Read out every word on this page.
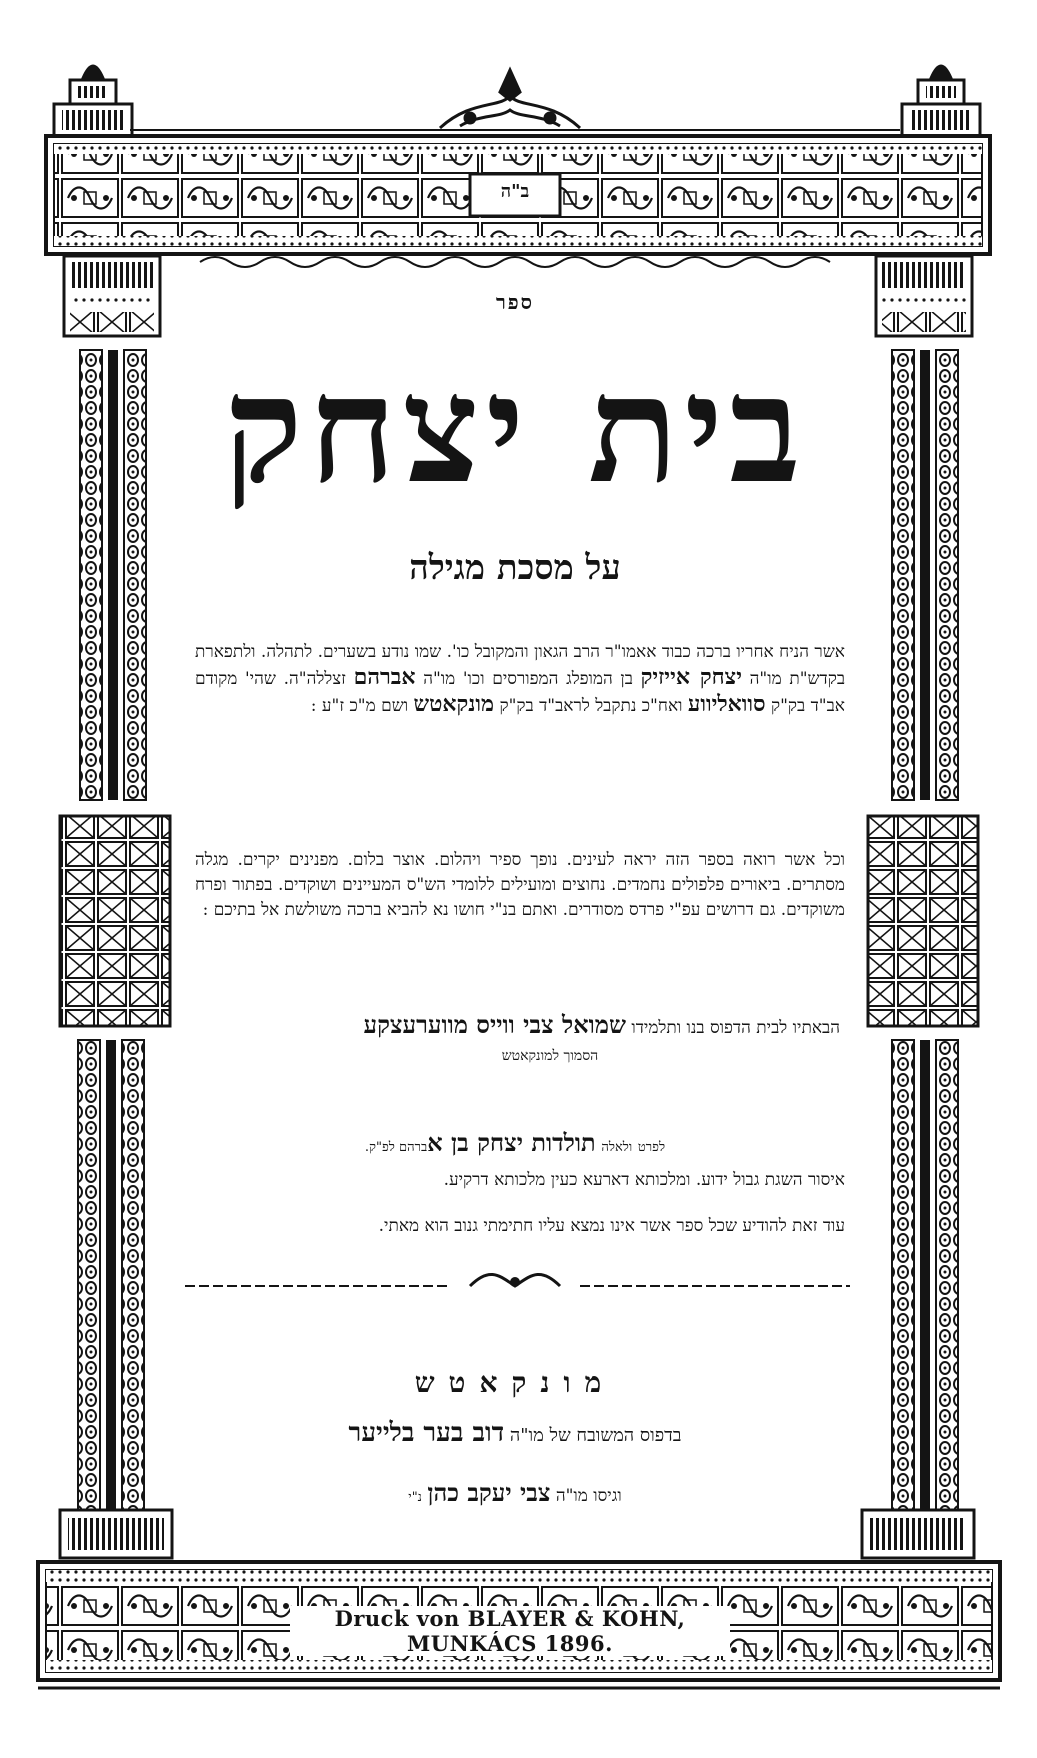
ב"ה
ספר
בית יצחק
על מסכת מגילה
אשר הניח אחריו ברכה כבוד אאמו"ר הרב הגאון והמקובל כו'. שמו נודע בשערים. לתהלה. ולתפארת בקדש"ת מו"ה יצחק אייזיק בן המופלג המפורסים וכו' מו"ה אברהם זצללה"ה. שהי' מקודם אב"ד בק"ק סוואליווע ואח"כ נתקבל לראב"ד בק"ק מונקאטש ושם מ"כ ז"ע :
וכל אשר רואה בספר הזה יראה לעינים. נופך ספיר ויהלום. אוצר בלום. מפנינים יקרים. מגלה מסתרים. ביאורים פלפולים נחמדים. נחוצים ומועילים ללומדי הש"ס המעיינים ושוקדים. בפתור ופרח משוקדים. גם דרושים עפ"י פרדס מסודרים. ואתם בנ"י חושו נא להביא ברכה משולשת אל בתיכם :
הבאתיו לבית הדפוס בנו ותלמידו שמואל צבי ווייס מווערעצקע
הסמוך למונקאטש
לפרט ולאלה תולדות יצחק בן אברהם לפ"ק.
איסור השגת גבול ידוע. ומלכותא דארעא כעין מלכותא דרקיע.
עוד זאת להודיע שכל ספר אשר אינו נמצא עליו חתימתי גנוב הוא מאתי.
מונקאטש
בדפוס המשובח של מו"ה דוב בער בלייער
וגיסו מו"ה צבי יעקב כהן נ"י
Druck von BLAYER & KOHN, MUNKÁCS 1896.
